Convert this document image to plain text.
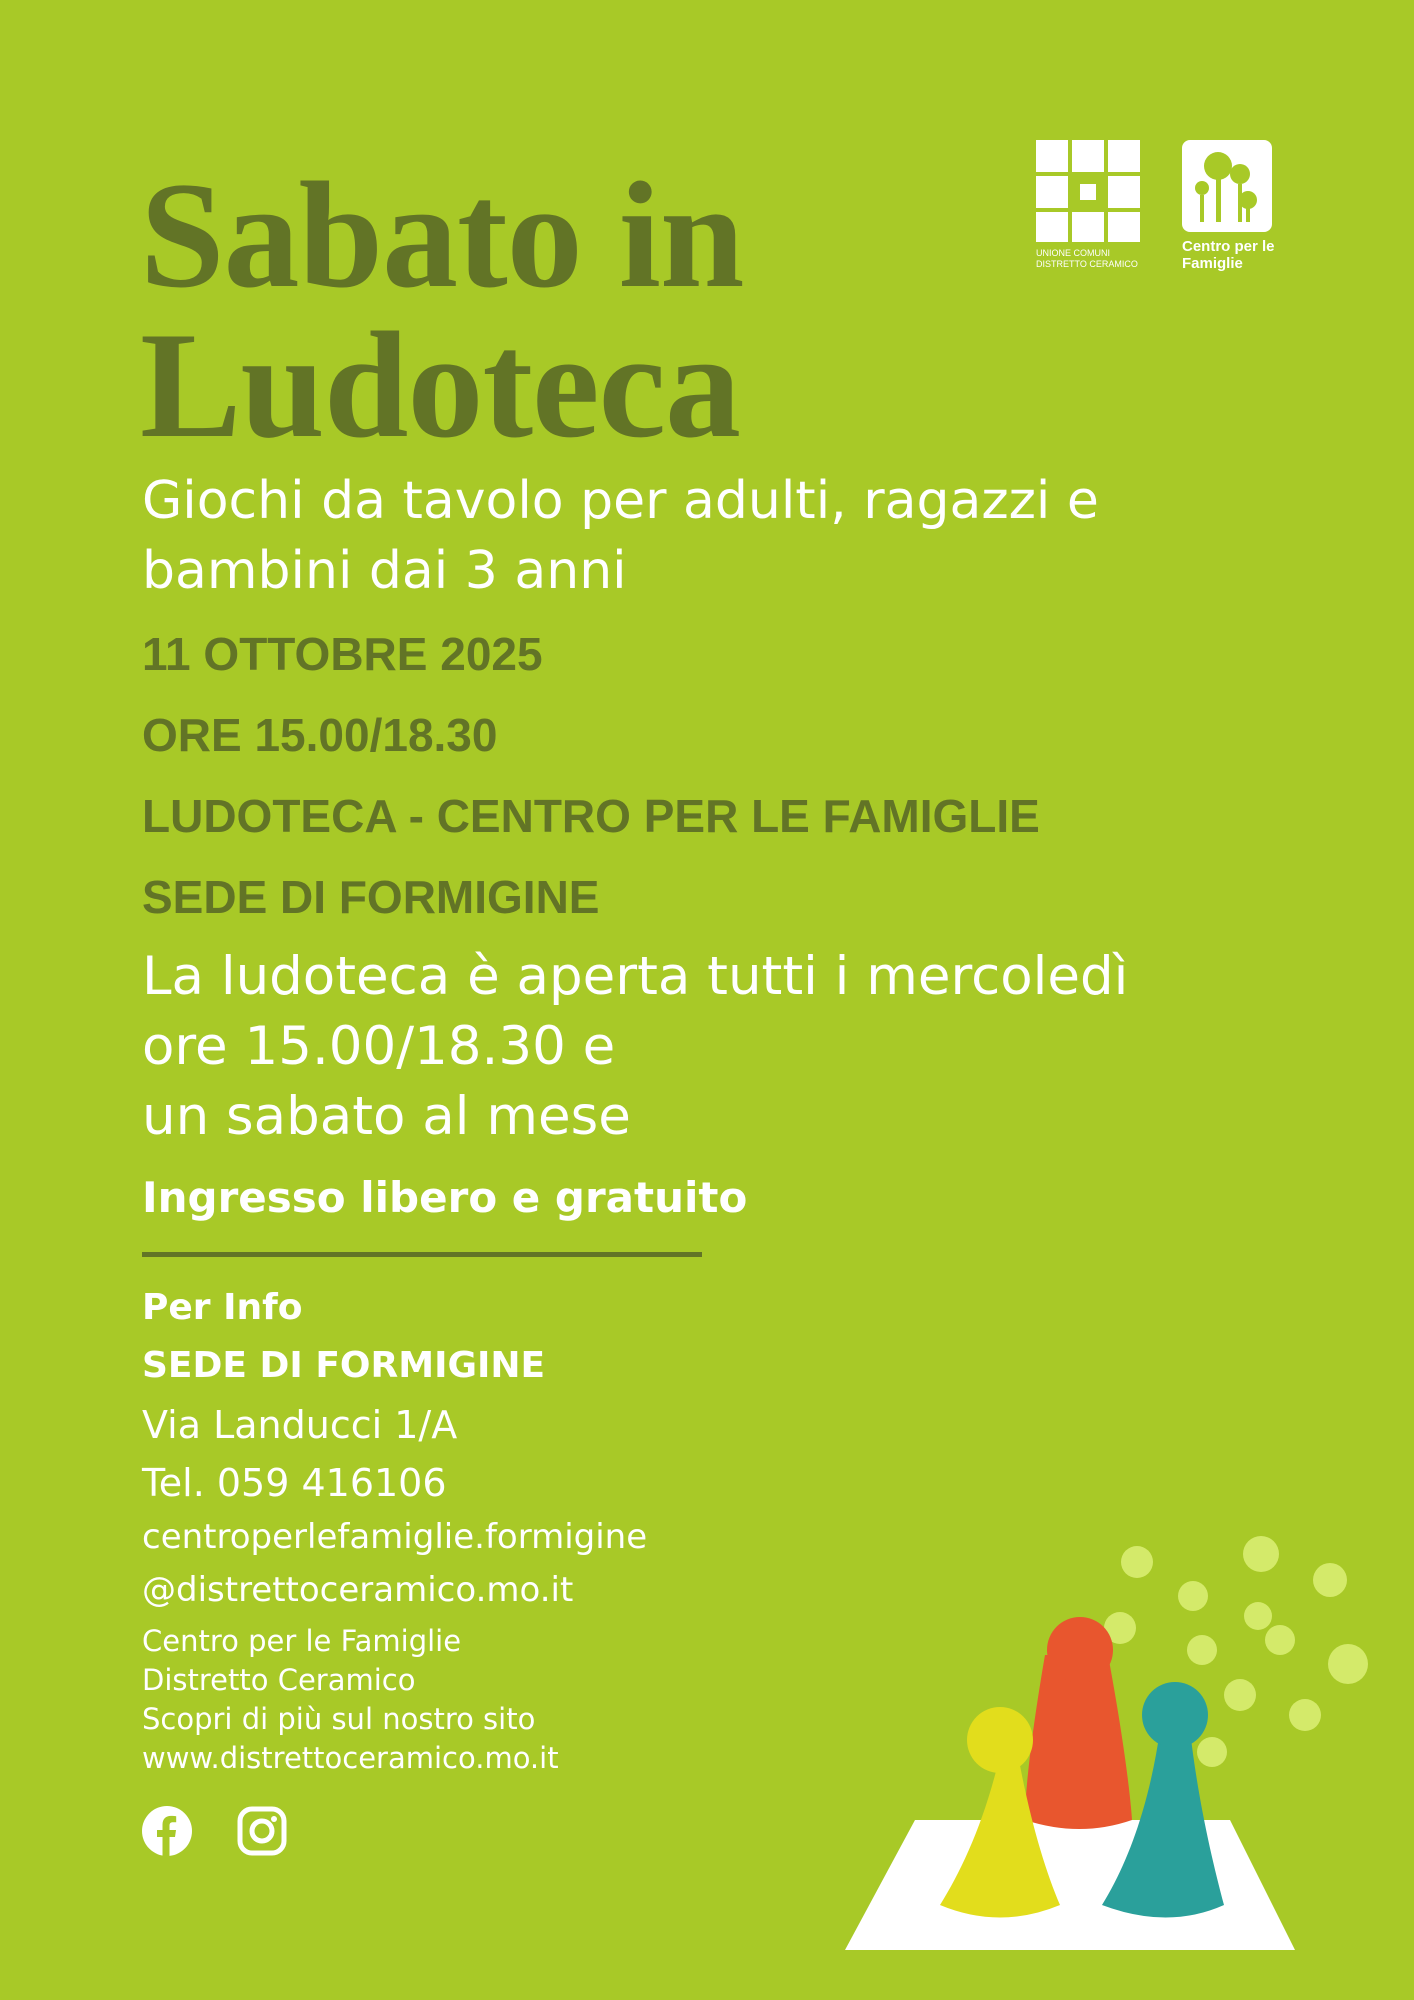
UNIONE COMUNI
DISTRETTO CERAMICO
Centro per le
Famiglie
Sabato in
Ludoteca
Giochi da tavolo per adulti, ragazzi e
bambini dai 3 anni
11 OTTOBRE 2025
ORE 15.00/18.30
LUDOTECA - CENTRO PER LE FAMIGLIE
SEDE DI FORMIGINE
La ludoteca è aperta tutti i mercoledì
ore 15.00/18.30 e
un sabato al mese
Ingresso libero e gratuito
Per Info
SEDE DI FORMIGINE
Via Landucci 1/A
Tel. 059 416106
centroperlefamiglie.formigine
@distrettoceramico.mo.it
Centro per le Famiglie
Distretto Ceramico
Scopri di più sul nostro sito
www.distrettoceramico.mo.it
